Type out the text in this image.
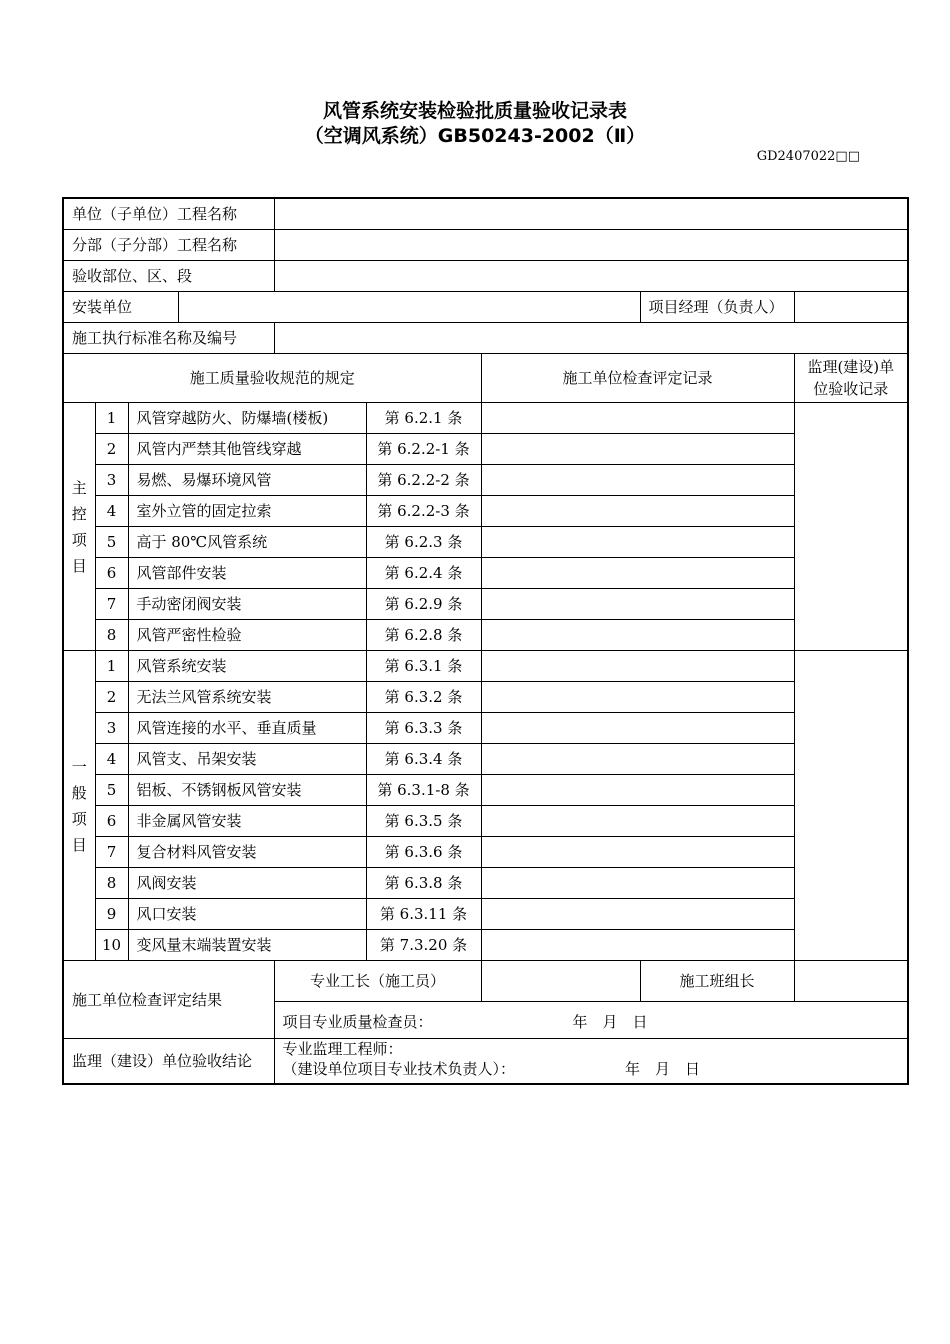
风管系统安装检验批质量验收记录表
（空调风系统）GB50243-2002（Ⅱ）
GD2407022□□
单位（子单位）工程名称								
分部（子分部）工程名称								
验收部位、区、段								
安装单位							项目经理（负责人）	
施工执行标准名称及编号								
施工质量验收规范的规定						施工单位检查评定记录		监理(建设)单
位验收记录

主
控
项
目	1	风管穿越防火、防爆墙(楼板)			第 6.2.1 条			
	2	风管内严禁其他管线穿越			第 6.2.2-1 条			
	3	易燃、易爆环境风管			第 6.2.2-2 条			
	4	室外立管的固定拉索			第 6.2.2-3 条			
	5	高于 80℃风管系统			第 6.2.3 条			
	6	风管部件安装			第 6.2.4 条			
	7	手动密闭阀安装			第 6.2.9 条			
	8	风管严密性检验			第 6.2.8 条			

一
般
项
目	1	风管系统安装			第 6.3.1 条			
	2	无法兰风管系统安装			第 6.3.2 条			
	3	风管连接的水平、垂直质量			第 6.3.3 条			
	4	风管支、吊架安装			第 6.3.4 条			
	5	铝板、不锈钢板风管安装			第 6.3.1-8 条			
	6	非金属风管安装			第 6.3.5 条			
	7	复合材料风管安装			第 6.3.6 条			
	8	风阀安装			第 6.3.8 条			
	9	风口安装			第 6.3.11 条			
	10	变风量末端装置安装			第 7.3.20 条			
施工单位检查评定结果				专业工长（施工员）			施工班组长	
				项目专业质量检查员： 年　月　日				
监理（建设）单位验收结论				专业监理工程师：
（建设单位项目专业技术负责人）： 年　月　日				
